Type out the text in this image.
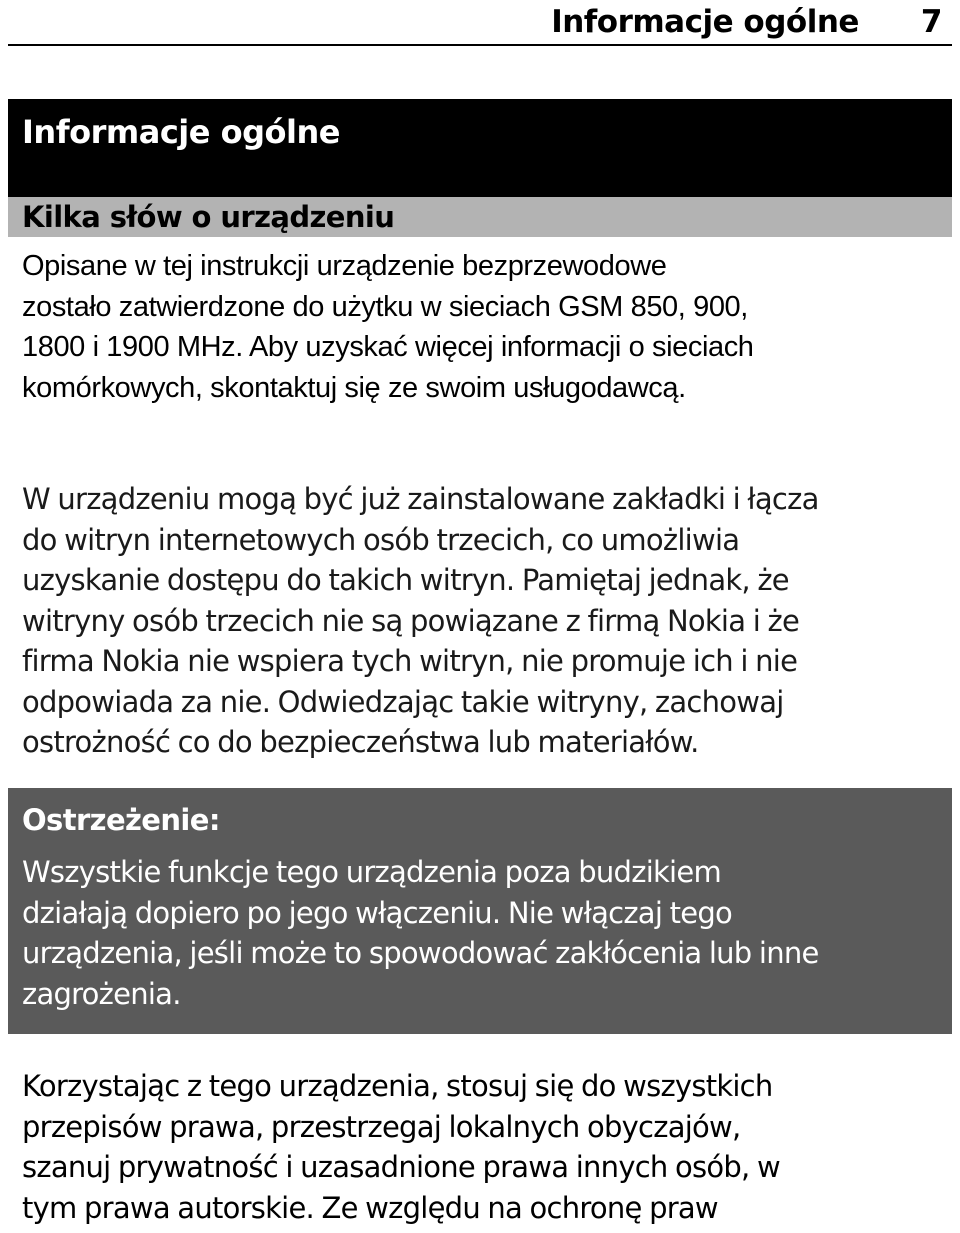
Informacje ogólne 7
Informacje ogólne
Kilka słów o urządzeniu

Opisane w tej instrukcji urządzenie bezprzewodowe
zostało zatwierdzone do użytku w sieciach GSM 850, 900,
1800 i 1900 MHz. Aby uzyskać więcej informacji o sieciach
komórkowych, skontaktuj się ze swoim usługodawcą.

W urządzeniu mogą być już zainstalowane zakładki i łącza
do witryn internetowych osób trzecich, co umożliwia
uzyskanie dostępu do takich witryn. Pamiętaj jednak, że
witryny osób trzecich nie są powiązane z firmą Nokia i że
firma Nokia nie wspiera tych witryn, nie promuje ich i nie
odpowiada za nie. Odwiedzając takie witryny, zachowaj
ostrożność co do bezpieczeństwa lub materiałów.

Ostrzeżenie:
Wszystkie funkcje tego urządzenia poza budzikiem
działają dopiero po jego włączeniu. Nie włączaj tego
urządzenia, jeśli może to spowodować zakłócenia lub inne
zagrożenia.

Korzystając z tego urządzenia, stosuj się do wszystkich
przepisów prawa, przestrzegaj lokalnych obyczajów,
szanuj prywatność i uzasadnione prawa innych osób, w
tym prawa autorskie. Ze względu na ochronę praw
